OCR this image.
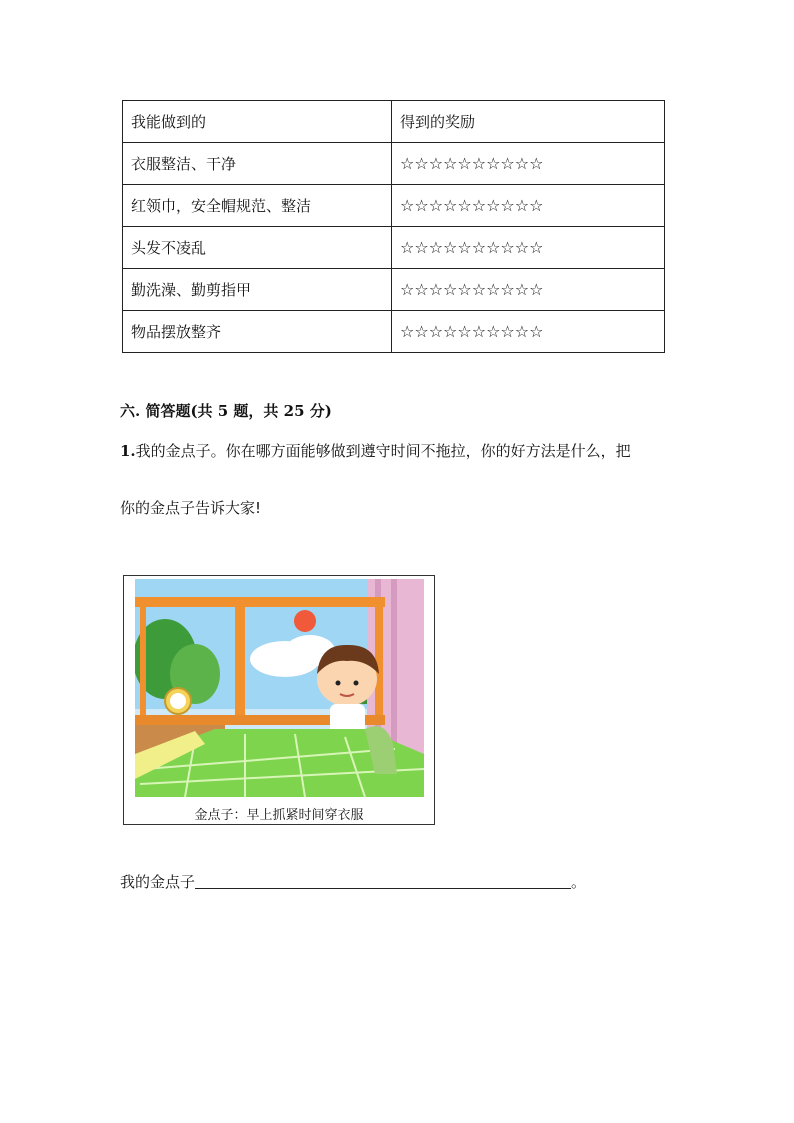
我能做到的	得到的奖励
衣服整洁、干净	☆☆☆☆☆☆☆☆☆☆
红领巾，安全帽规范、整洁	☆☆☆☆☆☆☆☆☆☆
头发不凌乱	☆☆☆☆☆☆☆☆☆☆
勤洗澡、勤剪指甲	☆☆☆☆☆☆☆☆☆☆
物品摆放整齐	☆☆☆☆☆☆☆☆☆☆
六. 简答题(共 5 题，共 25 分)
1.我的金点子。你在哪方面能够做到遵守时间不拖拉，你的好方法是什么，把
你的金点子告诉大家!
金点子：早上抓紧时间穿衣服
我的金点子	。
